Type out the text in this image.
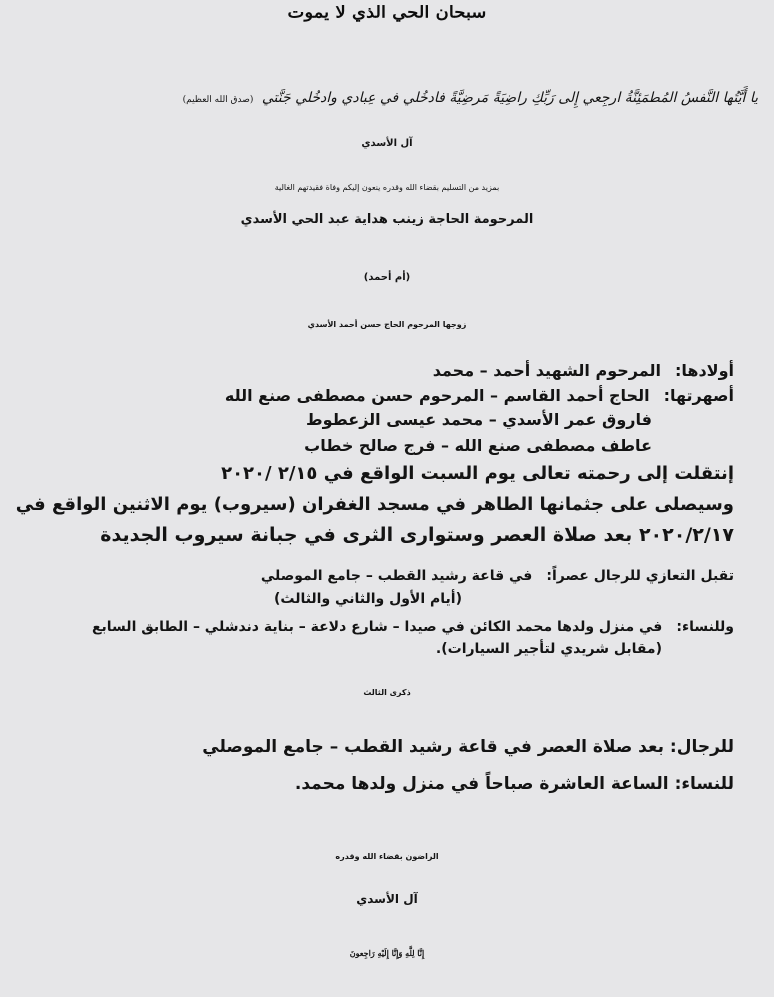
سبحان الحي الذي لا يموت
يا أَيَّتُها النَّفسُ المُطمَئِنَّةُ ارجِعي إِلى رَبِّكِ راضِيَةً مَرضِيَّةً فادخُلي في عِبادي وادخُلي جَنَّتي (صدق الله العظيم)
آل الأسدي
بمزيد من التسليم بقضاء الله وقدره ينعون إليكم وفاة فقيدتهم الغالية
المرحومة الحاجة زينب هداية عبد الحي الأسدي
(أم أحمد)
زوجها المرحوم الحاج حسن أحمد الأسدي
أولادها:المرحوم الشهيد أحمد – محمد
أصهرتها:الحاج أحمد القاسم – المرحوم حسن مصطفى صنع الله
فاروق عمر الأسدي – محمد عيسى الزعطوط
عاطف مصطفى صنع الله – فرج صالح خطاب
إنتقلت إلى رحمته تعالى يوم السبت الواقع في ٢/١٥ /٢٠٢٠
وسيصلى على جثمانها الطاهر في مسجد الغفران (سيروب) يوم الاثنين الواقع في
٢٠٢٠/٢/١٧ بعد صلاة العصر وستوارى الثرى في جبانة سيروب الجديدة
تقبل التعازي للرجال عصراً:في قاعة رشيد القطب – جامع الموصلي
(أيام الأول والثاني والثالث)
وللنساء:في منزل ولدها محمد الكائن في صيدا – شارع دلاعة – بناية دندشلي – الطابق السابع
(مقابل شريدي لتأجير السيارات).
ذكرى الثالث
للرجال: بعد صلاة العصر في قاعة رشيد القطب – جامع الموصلي
للنساء: الساعة العاشرة صباحاً في منزل ولدها محمد.
الراضون بقضاء الله وقدره
آل الأسدي
إِنَّا لِلَّهِ وَإِنَّا إِلَيْهِ رَاجِعونَ
